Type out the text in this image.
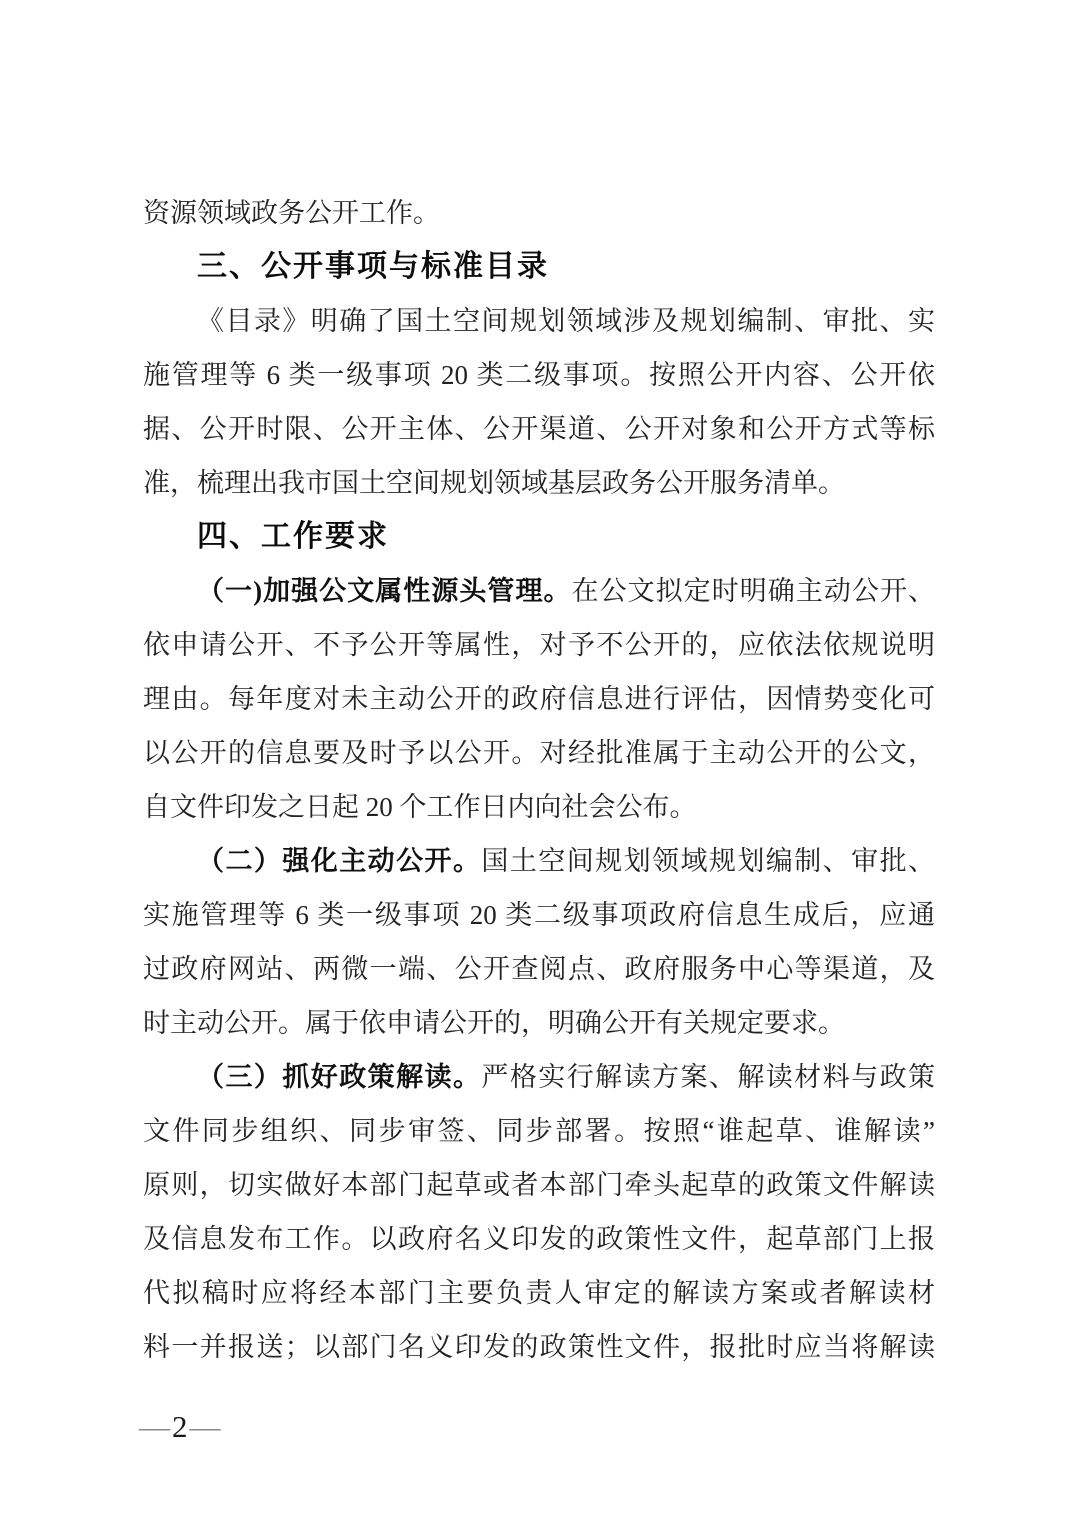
资源领域政务公开工作。
三、公开事项与标准目录
《目录》明确了国土空间规划领域涉及规划编制、审批、实
施管理等 6 类一级事项 20 类二级事项。按照公开内容、公开依
据、公开时限、公开主体、公开渠道、公开对象和公开方式等标
准，梳理出我市国土空间规划领域基层政务公开服务清单。
四、工作要求
（一)加强公文属性源头管理。在公文拟定时明确主动公开、
依申请公开、不予公开等属性，对予不公开的，应依法依规说明
理由。每年度对未主动公开的政府信息进行评估，因情势变化可
以公开的信息要及时予以公开。对经批准属于主动公开的公文，
自文件印发之日起 20 个工作日内向社会公布。
（二）强化主动公开。国土空间规划领域规划编制、审批、
实施管理等 6 类一级事项 20 类二级事项政府信息生成后，应通
过政府网站、两微一端、公开查阅点、政府服务中心等渠道，及
时主动公开。属于依申请公开的，明确公开有关规定要求。
（三）抓好政策解读。严格实行解读方案、解读材料与政策
文件同步组织、同步审签、同步部署。按照“谁起草、谁解读”
原则，切实做好本部门起草或者本部门牵头起草的政策文件解读
及信息发布工作。以政府名义印发的政策性文件，起草部门上报
代拟稿时应将经本部门主要负责人审定的解读方案或者解读材
料一并报送；以部门名义印发的政策性文件，报批时应当将解读
—2—
